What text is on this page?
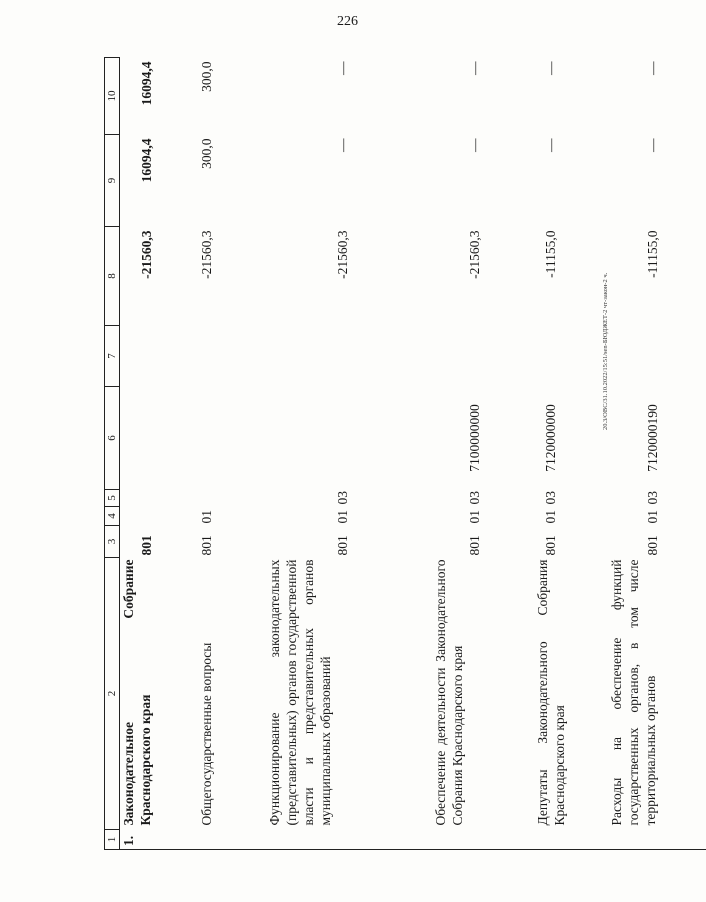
226
20.3/OBC/31.10.2022/15:51/sen-БЮДЖЕТ-2 чт-закон-2 ч.
1	2	3	4	5	6	7	8	9	10
1.	Законодательное Собрание Краснодарского края	801					-21560,3	16094,4	16094,4
	Общегосударственные вопросы	801	01				-21560,3	300,0	300,0
	Функционирование законодательных (представительных) органов государственной власти и представительных органов муниципальных образований	801	01	03			-21560,3	—	—
	Обеспечение деятельности Законодательного Собрания Краснодарского края	801	01	03	7100000000		-21560,3	—	—
	Депутаты Законодательного Собрания Краснодарского края	801	01	03	7120000000		-11155,0	—	—
	Расходы на обеспечение функций государственных органов, в том числе территориальных органов	801	01	03	7120000190		-11155,0	—	—
